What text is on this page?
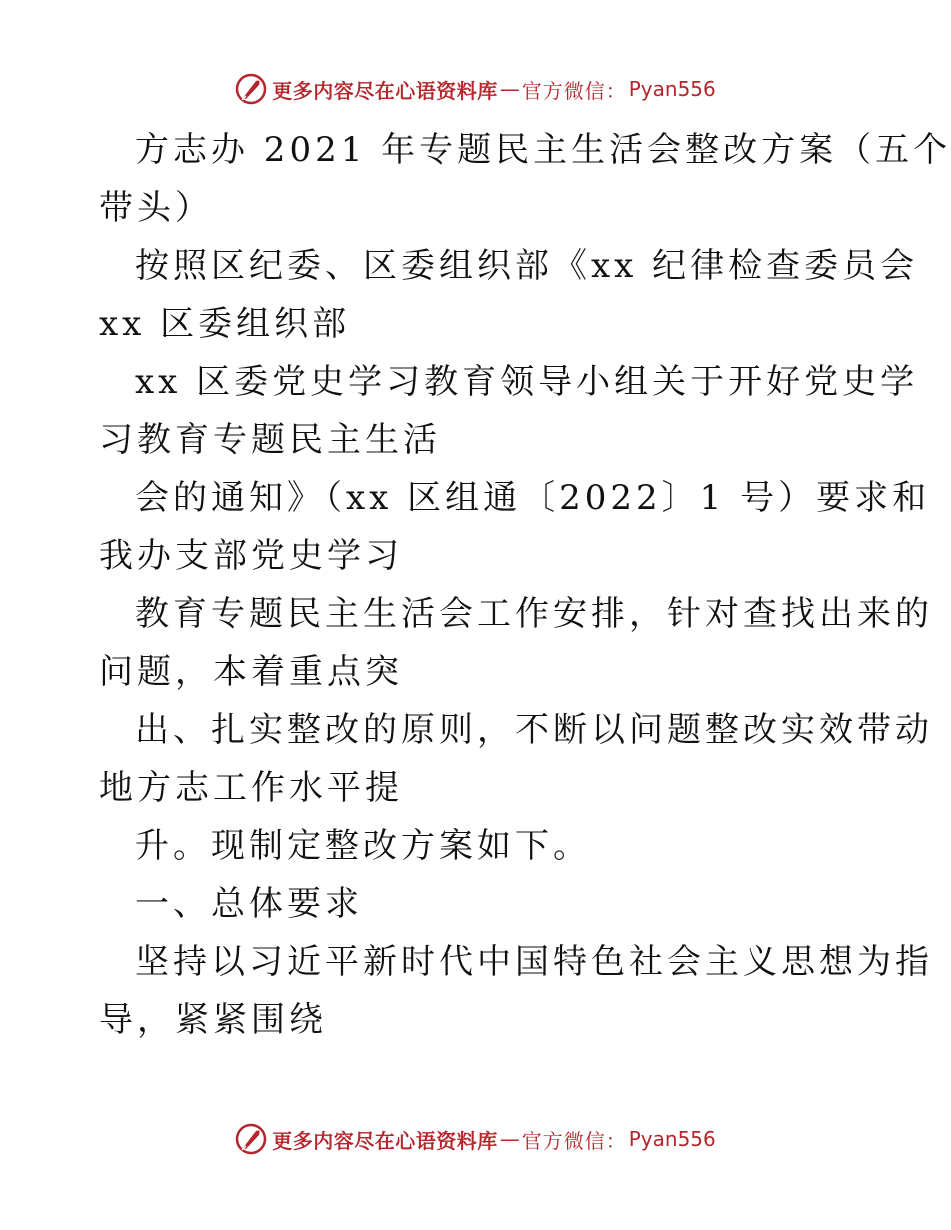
更多内容尽在心语资料库 — 官方微信： Pyan556
方志办 2021 年专题民主生活会整改方案（五个
带头）
按照区纪委、区委组织部《xx 纪律检查委员会
xx 区委组织部
xx 区委党史学习教育领导小组关于开好党史学
习教育专题民主生活
会的通知》（xx 区组通〔2022〕1 号）要求和
我办支部党史学习
教育专题民主生活会工作安排，针对查找出来的
问题，本着重点突
出、扎实整改的原则，不断以问题整改实效带动
地方志工作水平提
升。现制定整改方案如下。
一、总体要求
坚持以习近平新时代中国特色社会主义思想为指
导，紧紧围绕
更多内容尽在心语资料库 — 官方微信： Pyan556
